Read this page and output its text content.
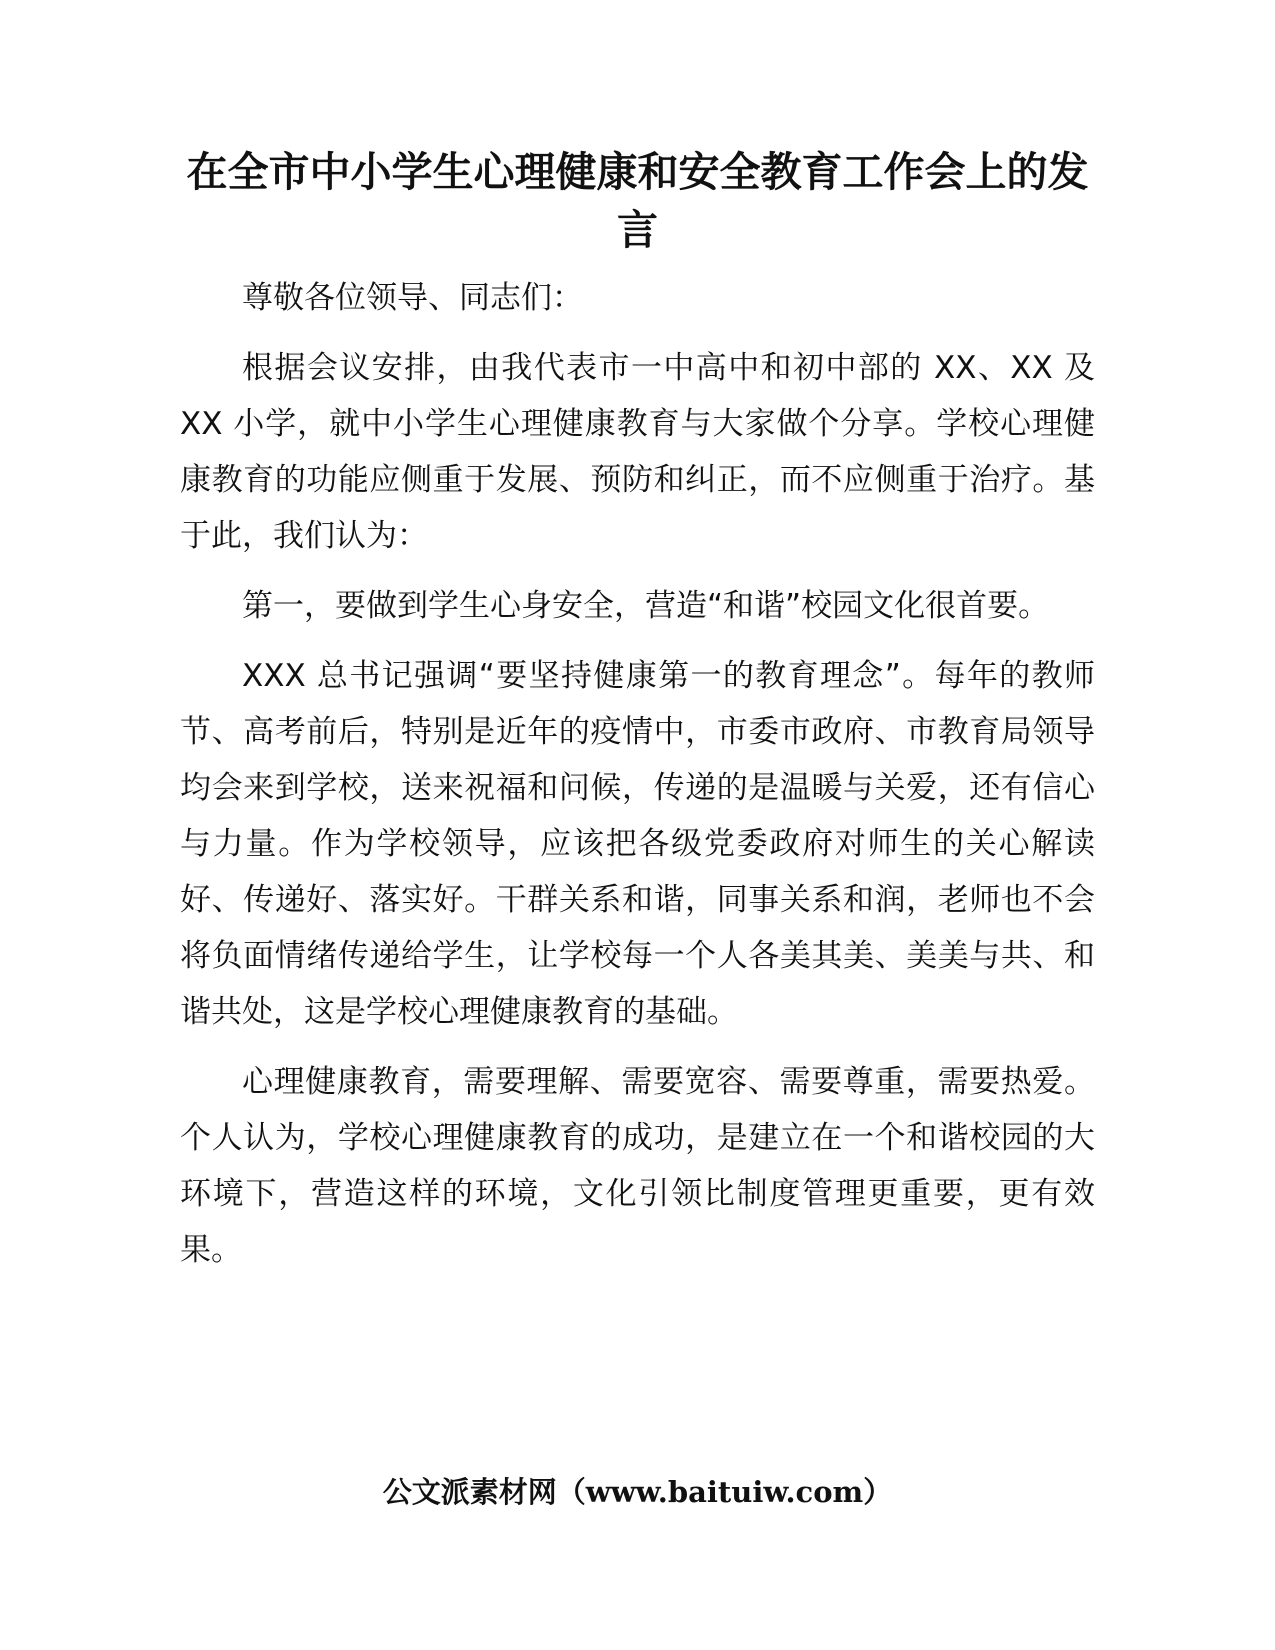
在全市中小学生心理健康和安全教育工作会上的发言

尊敬各位领导、同志们：

根据会议安排，由我代表市一中高中和初中部的 XX、XX 及 XX 小学，就中小学生心理健康教育与大家做个分享。学校心理健康教育的功能应侧重于发展、预防和纠正，而不应侧重于治疗。基于此，我们认为：

第一，要做到学生心身安全，营造“和谐”校园文化很首要。

XXX 总书记强调“要坚持健康第一的教育理念”。每年的教师节、高考前后，特别是近年的疫情中，市委市政府、市教育局领导均会来到学校，送来祝福和问候，传递的是温暖与关爱，还有信心与力量。作为学校领导，应该把各级党委政府对师生的关心解读好、传递好、落实好。干群关系和谐，同事关系和润，老师也不会将负面情绪传递给学生，让学校每一个人各美其美、美美与共、和谐共处，这是学校心理健康教育的基础。

心理健康教育，需要理解、需要宽容、需要尊重，需要热爱。个人认为，学校心理健康教育的成功，是建立在一个和谐校园的大环境下，营造这样的环境，文化引领比制度管理更重要，更有效果。

公文派素材网（www.baituiw.com）
